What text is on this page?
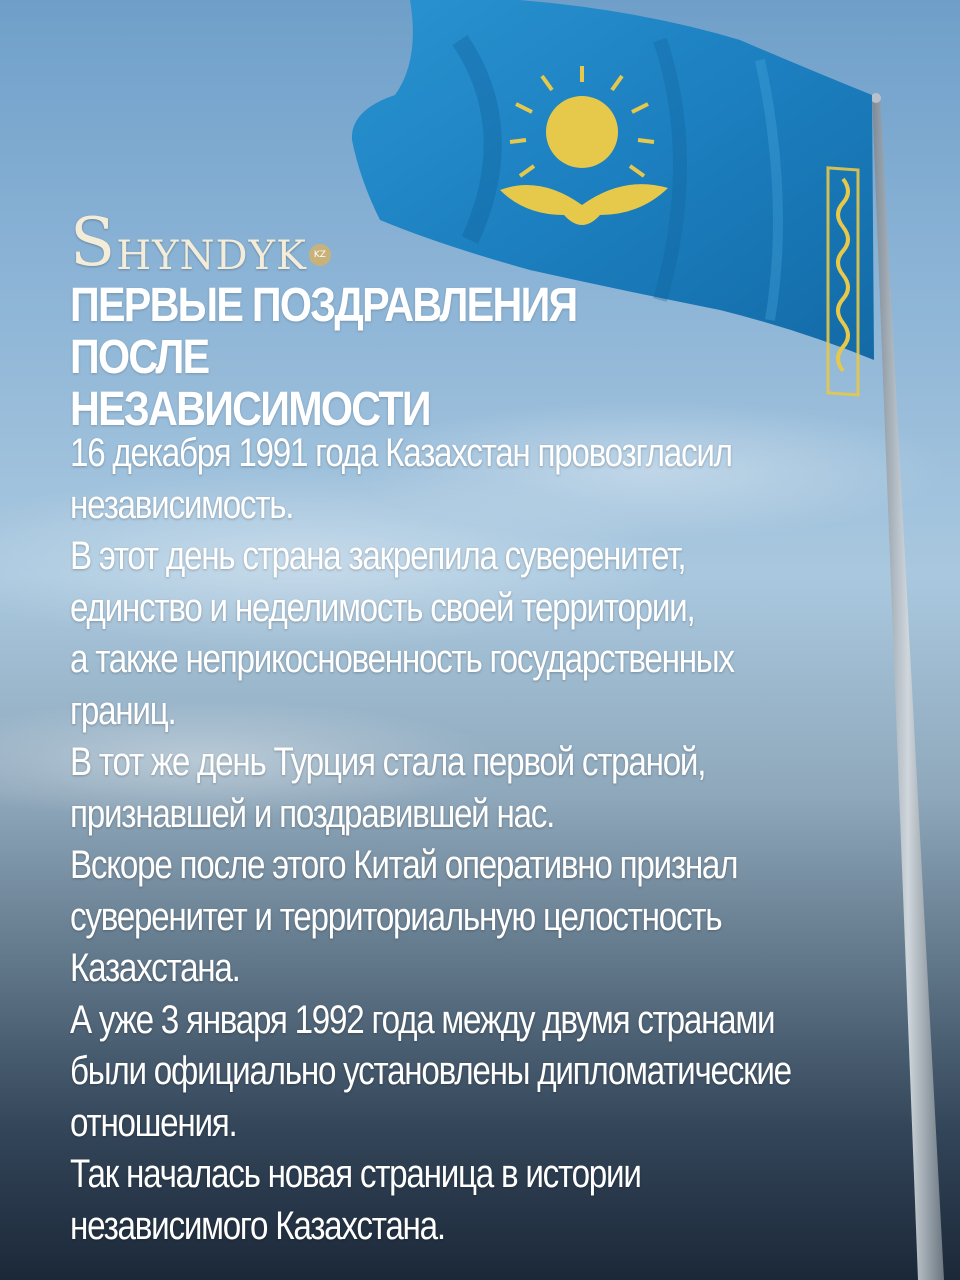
S HYNDYK KZ
ПЕРВЫЕ ПОЗДРАВЛЕНИЯ ПОСЛЕ
НЕЗАВИСИМОСТИ

16 декабря 1991 года Казахстан провозгласил

независимость.

В этот день страна закрепила суверенитет,

единство и неделимость своей территории,

а также неприкосновенность государственных

границ.

В тот же день Турция стала первой страной,

признавшей и поздравившей нас.

Вскоре после этого Китай оперативно признал

суверенитет и территориальную целостность

Казахстана.

А уже 3 января 1992 года между двумя странами

были официально установлены дипломатические

отношения.

Так началась новая страница в истории

независимого Казахстана.
